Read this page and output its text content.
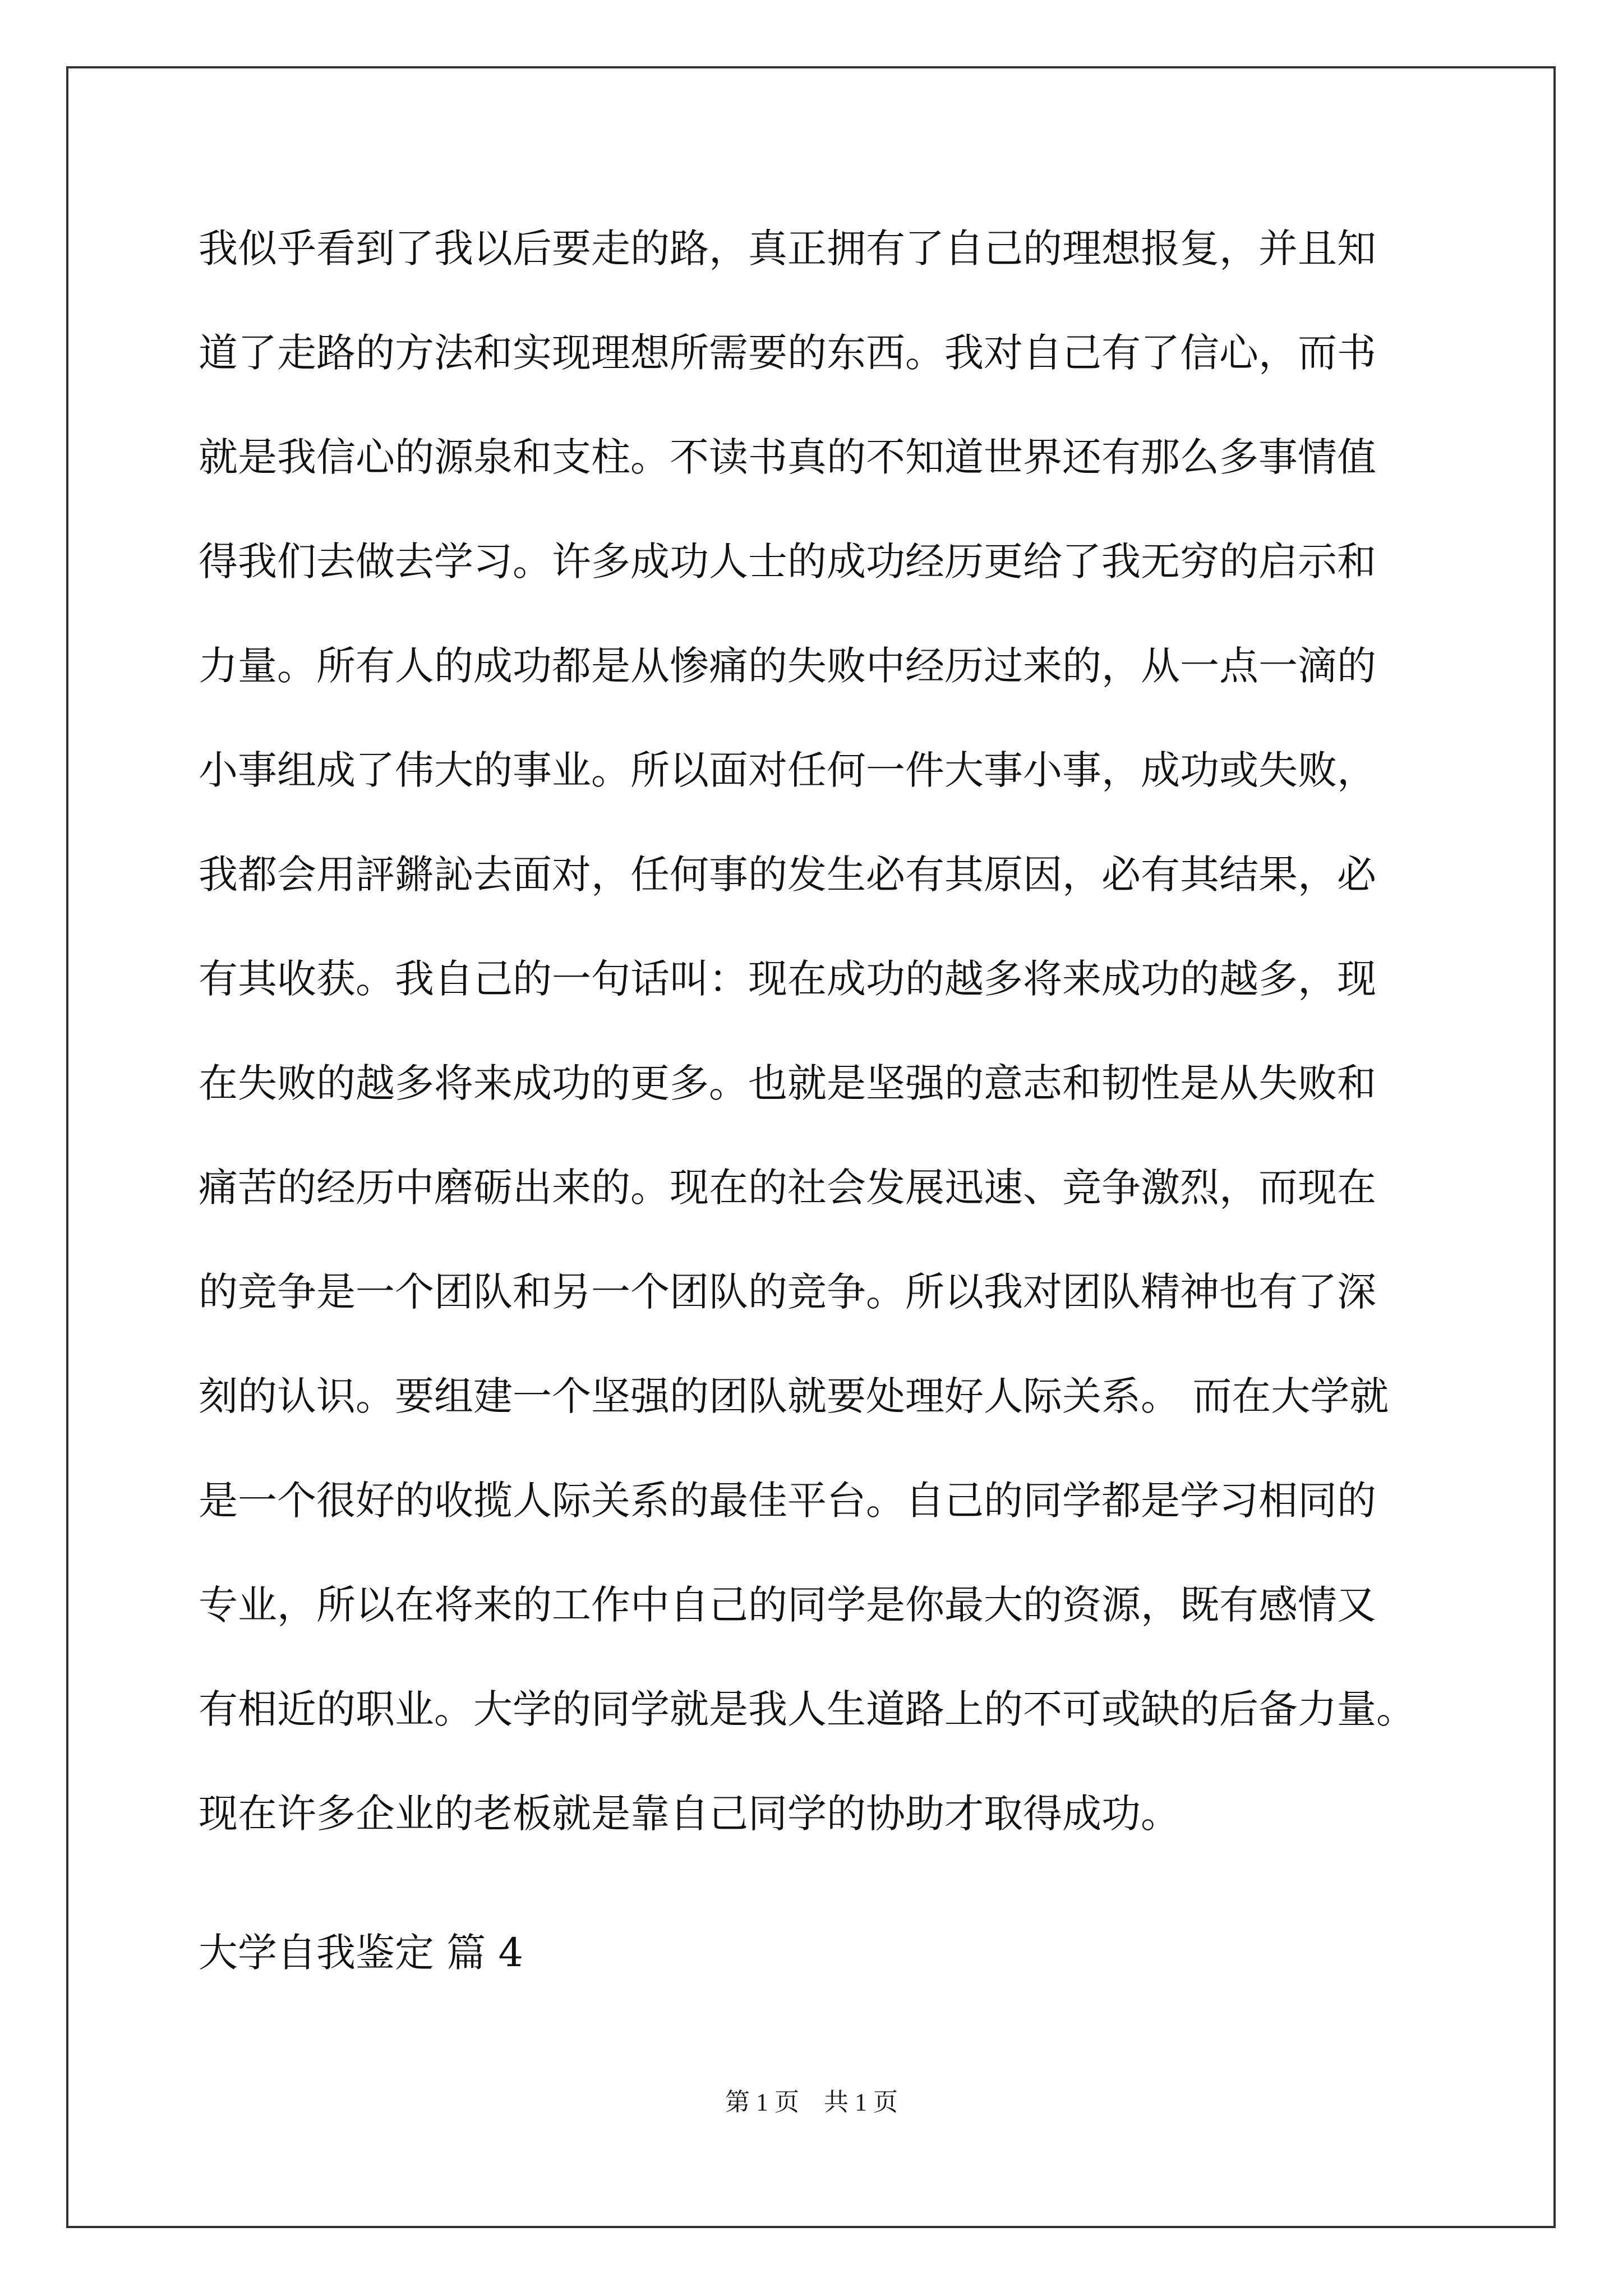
我似乎看到了我以后要走的路，真正拥有了自己的理想报复，并且知

道了走路的方法和实现理想所需要的东西。我对自己有了信心，而书

就是我信心的源泉和支柱。不读书真的不知道世界还有那么多事情值

得我们去做去学习。许多成功人士的成功经历更给了我无穷的启示和

力量。所有人的成功都是从惨痛的失败中经历过来的，从一点一滴的

小事组成了伟大的事业。所以面对任何一件大事小事，成功或失败，

我都会用評鏘訫去面对，任何事的发生必有其原因，必有其结果，必

有其收获。我自己的一句话叫：现在成功的越多将来成功的越多，现

在失败的越多将来成功的更多。也就是坚强的意志和韧性是从失败和

痛苦的经历中磨砺出来的。现在的社会发展迅速、竞争激烈，而现在

的竞争是一个团队和另一个团队的竞争。所以我对团队精神也有了深

刻的认识。要组建一个坚强的团队就要处理好人际关系。 而在大学就

是一个很好的收揽人际关系的最佳平台。自己的同学都是学习相同的

专业，所以在将来的工作中自己的同学是你最大的资源，既有感情又

有相近的职业。大学的同学就是我人生道路上的不可或缺的后备力量。

现在许多企业的老板就是靠自己同学的协助才取得成功。

大学自我鉴定 篇 4
第 1 页　共 1 页
